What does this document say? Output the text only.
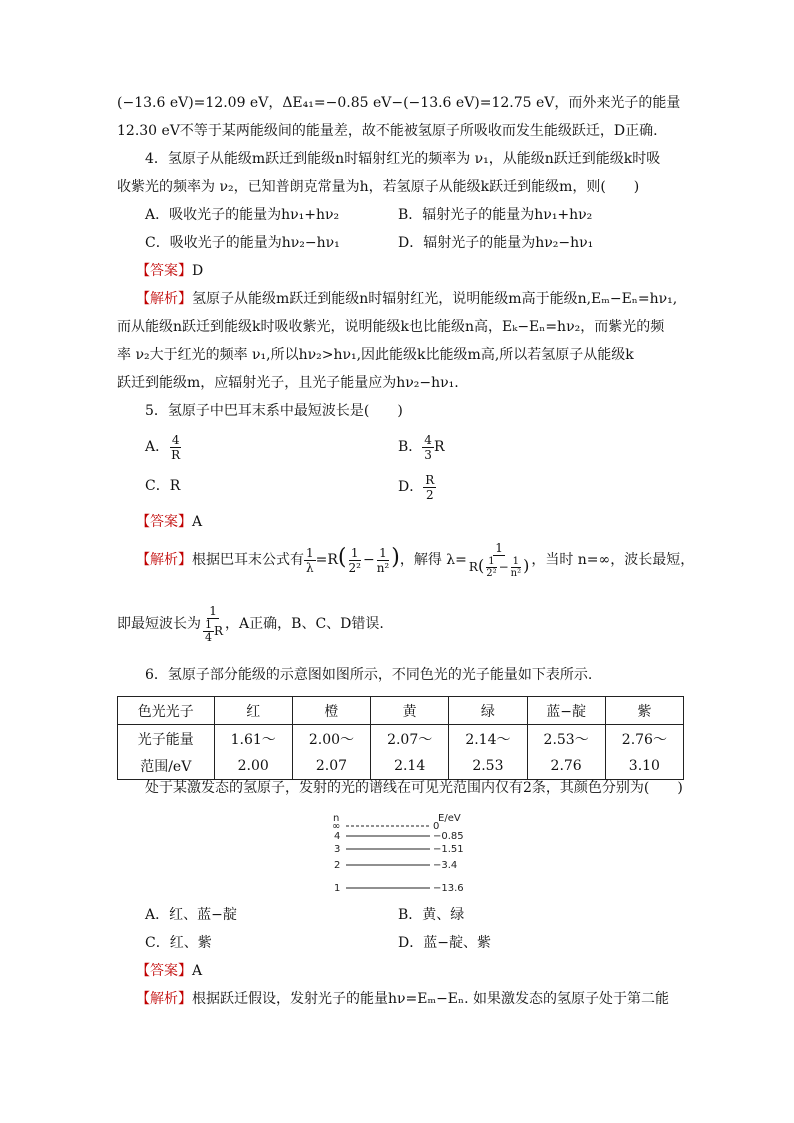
(−13.6 eV)=12.09 eV，ΔE₄₁=−0.85 eV−(−13.6 eV)=12.75 eV，而外来光子的能量
12.30 eV不等于某两能级间的能量差，故不能被氢原子所吸收而发生能级跃迁，D正确.
4．氢原子从能级m跃迁到能级n时辐射红光的频率为 ν₁，从能级n跃迁到能级k时吸
收紫光的频率为 ν₂，已知普朗克常量为h，若氢原子从能级k跃迁到能级m，则(　　)
A．吸收光子的能量为hν₁+hν₂	B．辐射光子的能量为hν₁+hν₂
C．吸收光子的能量为hν₂−hν₁	D．辐射光子的能量为hν₂−hν₁
【答案】D
【解析】氢原子从能级m跃迁到能级n时辐射红光，说明能级m高于能级n,Eₘ−Eₙ=hν₁,
而从能级n跃迁到能级k时吸收紫光，说明能级k也比能级n高，Eₖ−Eₙ=hν₂，而紫光的频
率 ν₂大于红光的频率 ν₁,所以hν₂>hν₁,因此能级k比能级m高,所以若氢原子从能级k
跃迁到能级m，应辐射光子，且光子能量应为hν₂−hν₁.
5．氢原子中巴耳末系中最短波长是(　　)
A． $\frac{4}{R}$	B． $\frac{4}{3}$ R
C．R	D． $\frac{R}{2}$
【答案】A
【解析】根据巴耳末公式有 $\frac{1}{\lambda} =R( \frac{1}{\text{2²}} - \frac{1}{\text{n²}}$ )，解得 $\lambda= \frac{1}{R( \frac{1}{\text{2²}} - \frac{1}{\text{n²}} )}$ ，当时 n=∞，波长最短，
即最短波长为 $\frac{1}{\frac{1}{4} R}$ ，A正确，B、C、D错误.
6．氢原子部分能级的示意图如图所示，不同色光的光子能量如下表所示.
色光光子	红	橙	黄	绿	蓝−靛	紫
光子能量	1.61～	2.00～	2.07～	2.14～	2.53～	2.76～
范围/eV	2.00	2.07	2.14	2.53	2.76	3.10
处于某激发态的氢原子，发射的光的谱线在可见光范围内仅有2条，其颜色分别为(　　)
n	E/eV
∞	0
4	−0.85
3	−1.51
2	−3.4
1	−13.6
A．红、蓝−靛	B．黄、绿
C．红、紫	D．蓝−靛、紫
【答案】A
【解析】根据跃迁假设，发射光子的能量hν=Eₘ−Eₙ. 如果激发态的氢原子处于第二能
